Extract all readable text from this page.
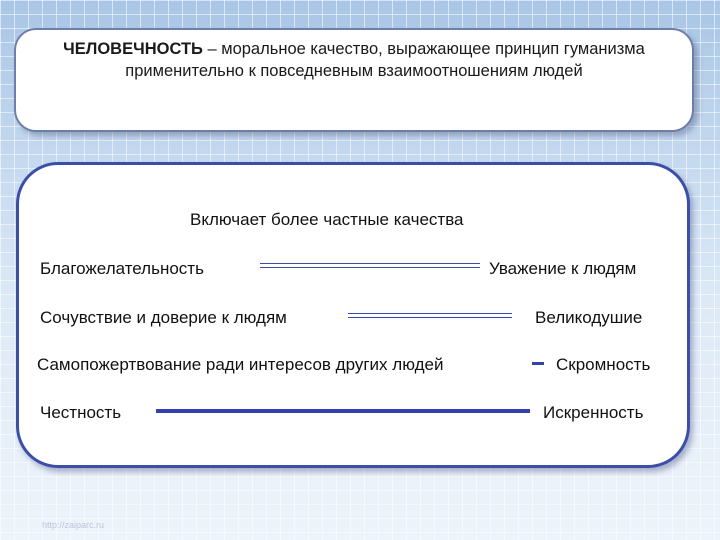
ЧЕЛОВЕЧНОСТЬ – моральное качество, выражающее принцип гуманизма применительно к повседневным взаимоотношениям людей
Включает более частные качества
Благожелательность	Уважение к людям
Сочувствие и доверие к людям	Великодушие
Самопожертвование ради интересов других людей	Скромность
Честность	Искренность
http://zaiparc.ru
